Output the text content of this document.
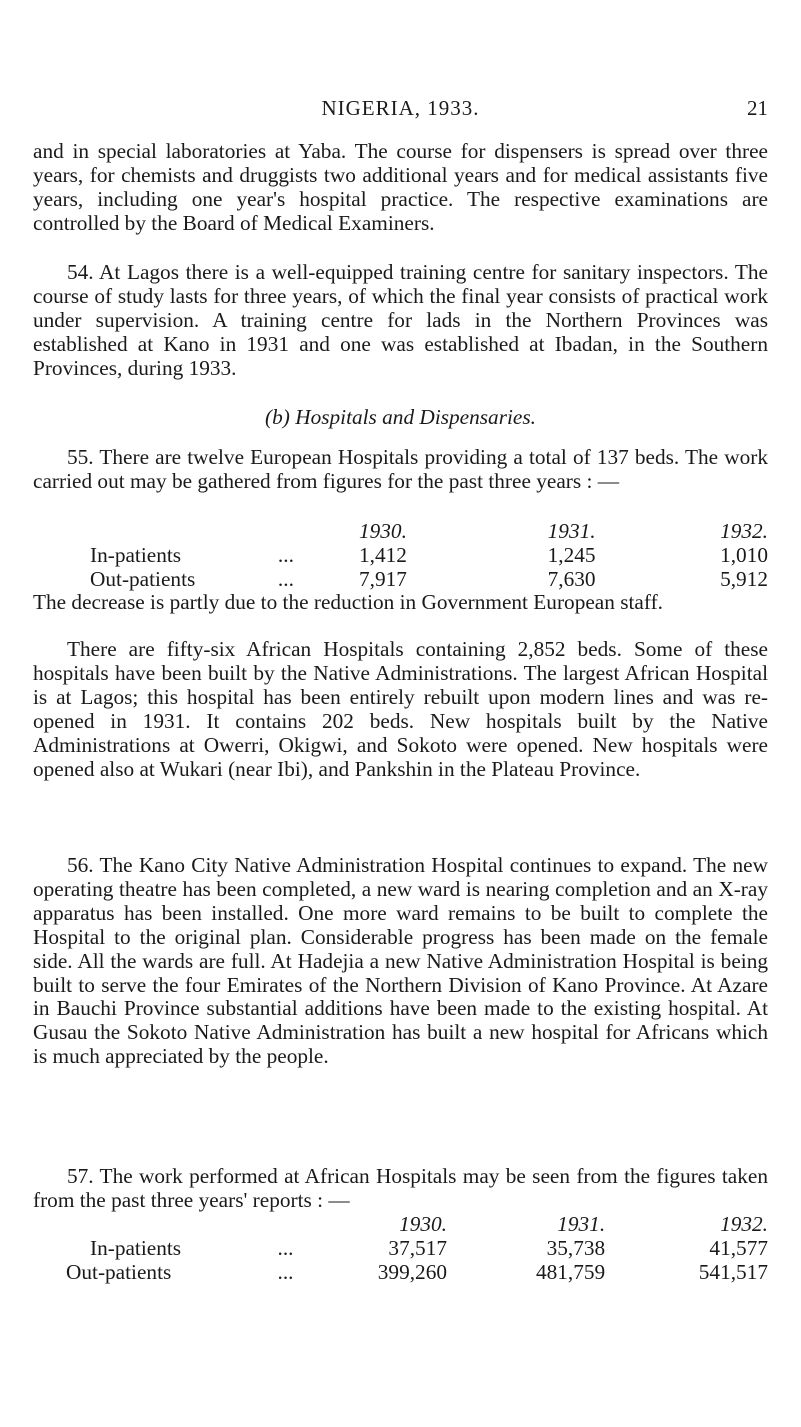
NIGERIA, 1933.	21

and in special laboratories at Yaba. The course for dispensers is spread over three years, for chemists and druggists two additional years and for medical assistants five years, including one year's hospital practice. The respective examinations are controlled by the Board of Medical Examiners.

54. At Lagos there is a well-equipped training centre for sanitary inspectors. The course of study lasts for three years, of which the final year consists of practical work under supervision. A training centre for lads in the Northern Provinces was established at Kano in 1931 and one was established at Ibadan, in the Southern Provinces, during 1933.

(b) Hospitals and Dispensaries.

55. There are twelve European Hospitals providing a total of 137 beds. The work carried out may be gathered from figures for the past three years : —

	1930.	1931.	1932.
In-patients ...	1,412	1,245	1,010
Out-patients ...	7,917	7,630	5,912

The decrease is partly due to the reduction in Government European staff.

There are fifty-six African Hospitals containing 2,852 beds. Some of these hospitals have been built by the Native Administrations. The largest African Hospital is at Lagos; this hospital has been entirely rebuilt upon modern lines and was re-opened in 1931. It contains 202 beds. New hospitals built by the Native Administrations at Owerri, Okigwi, and Sokoto were opened. New hospitals were opened also at Wukari (near Ibi), and Pankshin in the Plateau Province.

56. The Kano City Native Administration Hospital continues to expand. The new operating theatre has been completed, a new ward is nearing completion and an X-ray apparatus has been installed. One more ward remains to be built to complete the Hospital to the original plan. Considerable progress has been made on the female side. All the wards are full. At Hadejia a new Native Administration Hospital is being built to serve the four Emirates of the Northern Division of Kano Province. At Azare in Bauchi Province substantial additions have been made to the existing hospital. At Gusau the Sokoto Native Administration has built a new hospital for Africans which is much appreciated by the people.

57. The work performed at African Hospitals may be seen from the figures taken from the past three years' reports : —

	1930.	1931.	1932.
In-patients ...	37,517	35,738	41,577
Out-patients ...	399,260	481,759	541,517
